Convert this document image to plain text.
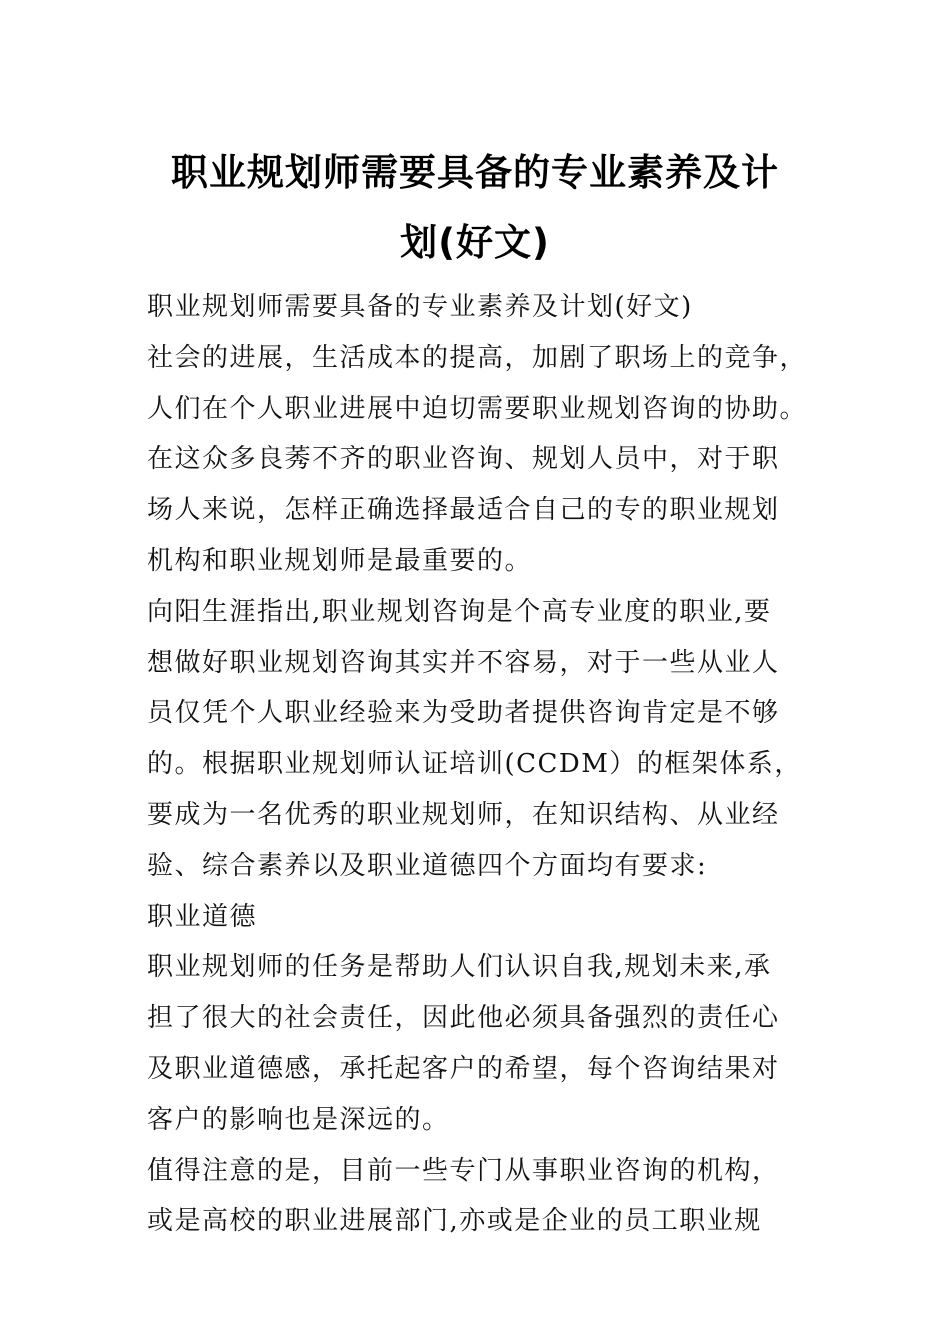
职业规划师需要具备的专业素养及计
划(好文)
职业规划师需要具备的专业素养及计划(好文)
社会的进展，生活成本的提高，加剧了职场上的竞争，
人们在个人职业进展中迫切需要职业规划咨询的协助。
在这众多良莠不齐的职业咨询、规划人员中，对于职
场人来说，怎样正确选择最适合自己的专的职业规划
机构和职业规划师是最重要的。
向阳生涯指出,职业规划咨询是个高专业度的职业,要
想做好职业规划咨询其实并不容易，对于一些从业人
员仅凭个人职业经验来为受助者提供咨询肯定是不够
的。根据职业规划师认证培训(CCDM）的框架体系，
要成为一名优秀的职业规划师，在知识结构、从业经
验、综合素养以及职业道德四个方面均有要求:
职业道德
职业规划师的任务是帮助人们认识自我,规划未来,承
担了很大的社会责任，因此他必须具备强烈的责任心
及职业道德感，承托起客户的希望，每个咨询结果对
客户的影响也是深远的。
值得注意的是，目前一些专门从事职业咨询的机构，
或是高校的职业进展部门,亦或是企业的员工职业规
